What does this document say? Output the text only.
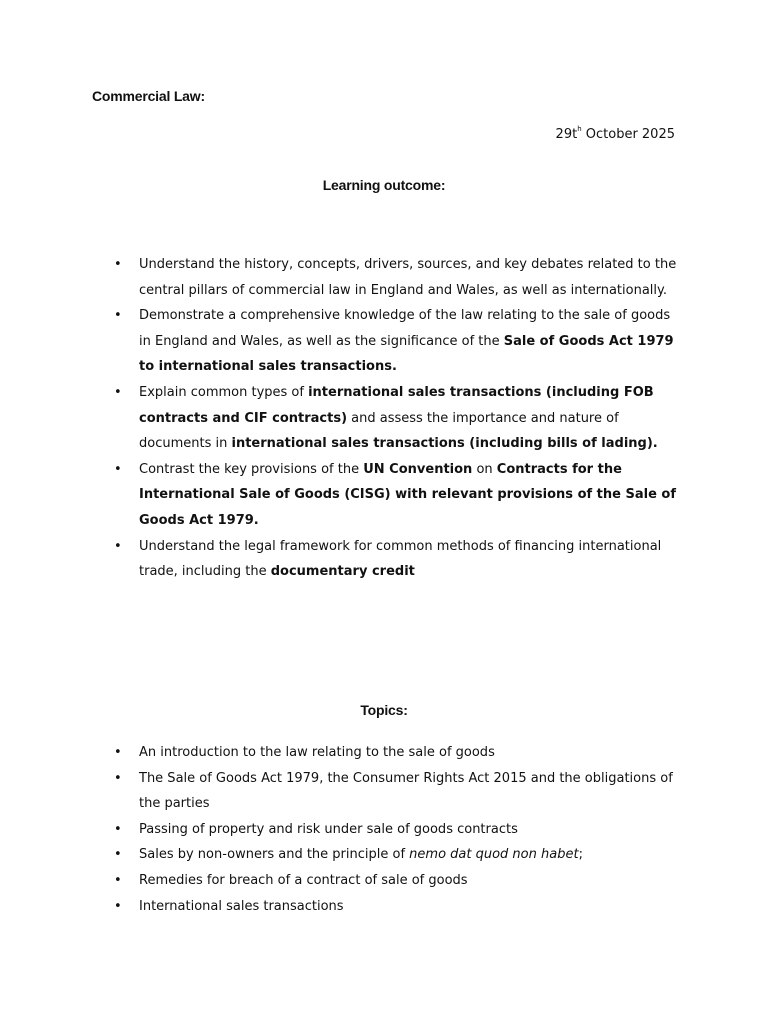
Commercial Law:

$29t^h$ October 2025

Learning outcome:
• Understand the history, concepts, drivers, sources, and key debates related to the central pillars of commercial law in England and Wales, as well as internationally.
• Demonstrate a comprehensive knowledge of the law relating to the sale of goods in England and Wales, as well as the significance of the Sale of Goods Act 1979 to international sales transactions.
• Explain common types of international sales transactions (including FOB contracts and CIF contracts) and assess the importance and nature of documents in international sales transactions (including bills of lading).
• Contrast the key provisions of the UN Convention on Contracts for the International Sale of Goods (CISG) with relevant provisions of the Sale of Goods Act 1979.
• Understand the legal framework for common methods of financing international trade, including the documentary credit
Topics:
• An introduction to the law relating to the sale of goods
• The Sale of Goods Act 1979, the Consumer Rights Act 2015 and the obligations of the parties
• Passing of property and risk under sale of goods contracts
• Sales by non-owners and the principle of nemo dat quod non habet;
• Remedies for breach of a contract of sale of goods
• International sales transactions
